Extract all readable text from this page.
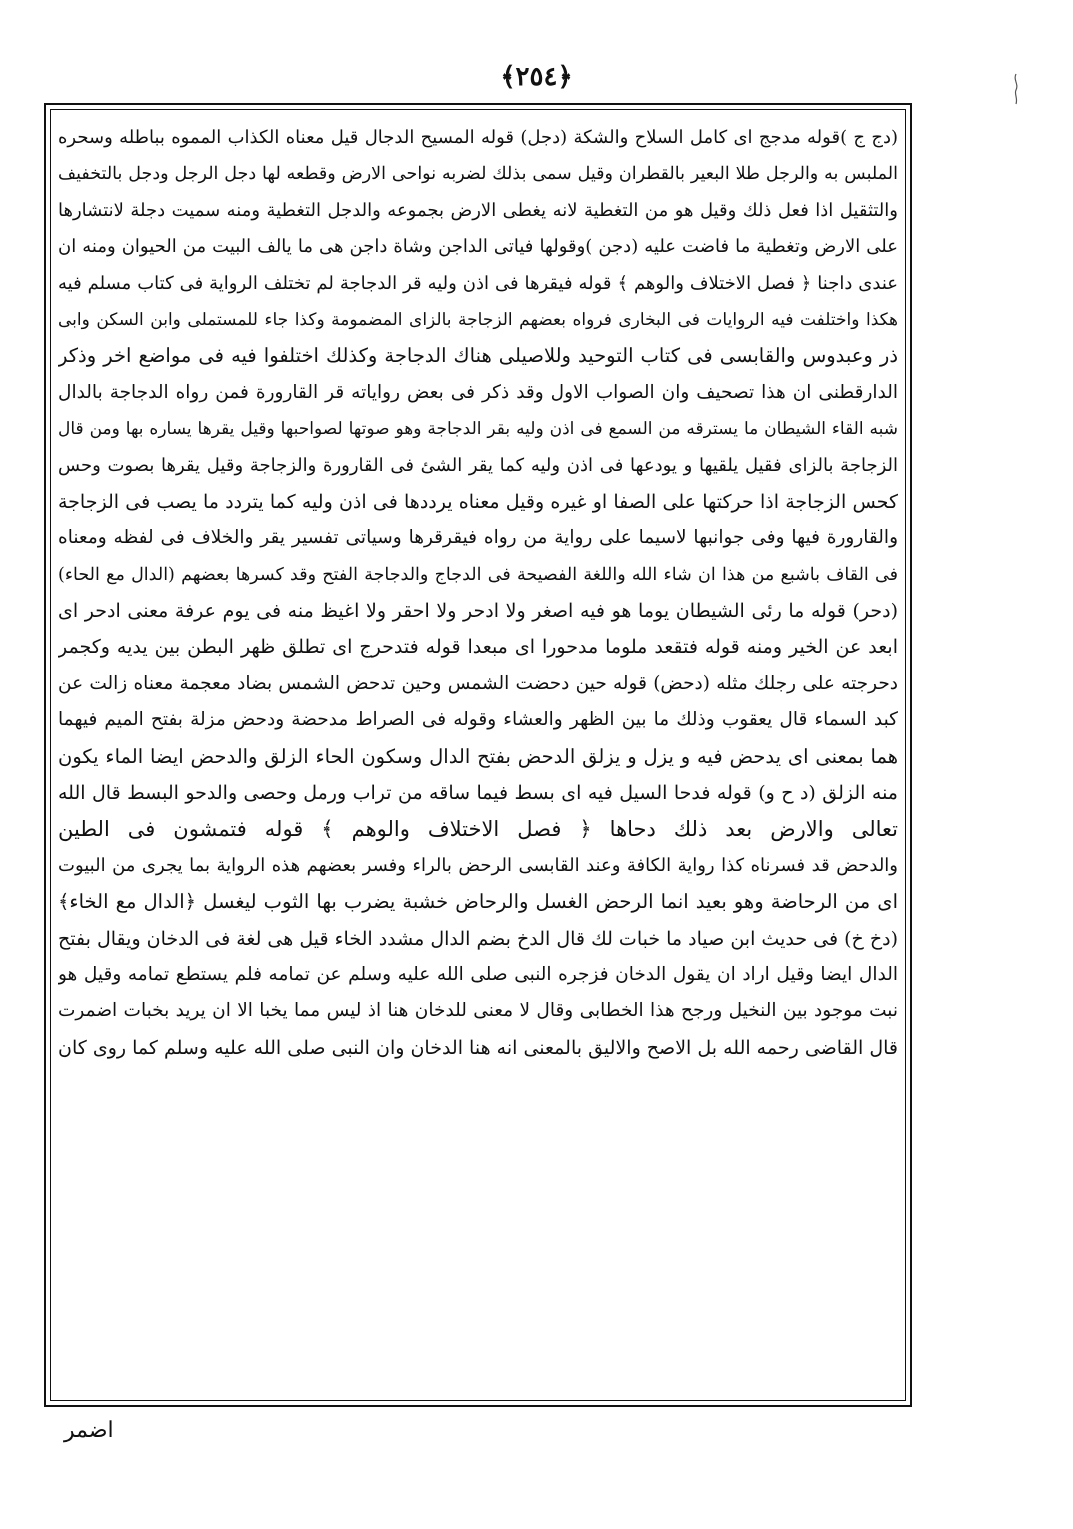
﴿٢٥٤﴾
(دج ج )قوله مدجج اى كامل السلاح والشكة (دجل) قوله المسيح الدجال قيل معناه الكذاب المموه بباطله وسحره
الملبس به والرجل طلا البعير بالقطران وقيل سمى بذلك لضربه نواحى الارض وقطعه لها دجل الرجل ودجل بالتخفيف
والتثقيل اذا فعل ذلك وقيل هو من التغطية لانه يغطى الارض بجموعه والدجل التغطية ومنه سميت دجلة لانتشارها
على الارض وتغطية ما فاضت عليه (دجن )وقولها فياتى الداجن وشاة داجن هى ما يالف البيت من الحيوان ومنه ان
عندى داجنا ﴿ فصل الاختلاف والوهم ﴾ قوله فيقرها فى اذن وليه قر الدجاجة لم تختلف الرواية فى كتاب مسلم فيه
هكذا واختلفت فيه الروايات فى البخارى فرواه بعضهم الزجاجة بالزاى المضمومة وكذا جاء للمستملى وابن السكن وابى
ذر وعبدوس والقابسى فى كتاب التوحيد وللاصيلى هناك الدجاجة وكذلك اختلفوا فيه فى مواضع اخر وذكر
الدارقطنى ان هذا تصحيف وان الصواب الاول وقد ذكر فى بعض رواياته قر القارورة فمن رواه الدجاجة بالدال
شبه القاء الشيطان ما يسترقه من السمع فى اذن وليه بقر الدجاجة وهو صوتها لصواحبها وقيل يقرها يساره بها ومن قال
الزجاجة بالزاى فقيل يلقيها و يودعها فى اذن وليه كما يقر الشئ فى القارورة والزجاجة وقيل يقرها بصوت وحس
كحس الزجاجة اذا حركتها على الصفا او غيره وقيل معناه يرددها فى اذن وليه كما يتردد ما يصب فى الزجاجة
والقارورة فيها وفى جوانبها لاسيما على رواية من رواه فيقرقرها وسياتى تفسير يقر والخلاف فى لفظه ومعناه
فى القاف باشبع من هذا ان شاء الله واللغة الفصيحة فى الدجاج والدجاجة الفتح وقد كسرها بعضهم (الدال مع الحاء)
(دحر) قوله ما رئى الشيطان يوما هو فيه اصغر ولا ادحر ولا احقر ولا اغيظ منه فى يوم عرفة معنى ادحر اى
ابعد عن الخير ومنه قوله فتقعد ملوما مدحورا اى مبعدا قوله فتدحرج اى تطلق ظهر البطن بين يديه وكجمر
دحرجته على رجلك مثله (دحض) قوله حين دحضت الشمس وحين تدحض الشمس بضاد معجمة معناه زالت عن
كبد السماء قال يعقوب وذلك ما بين الظهر والعشاء وقوله فى الصراط مدحضة ودحض مزلة بفتح الميم فيهما
هما بمعنى اى يدحض فيه و يزل و يزلق الدحض بفتح الدال وسكون الحاء الزلق والدحض ايضا الماء يكون
منه الزلق (د ح و) قوله فدحا السيل فيه اى بسط فيما ساقه من تراب ورمل وحصى والدحو البسط قال الله
تعالى والارض بعد ذلك دحاها ﴿ فصل الاختلاف والوهم ﴾ قوله فتمشون فى الطين
والدحض قد فسرناه كذا رواية الكافة وعند القابسى الرحض بالراء وفسر بعضهم هذه الرواية بما يجرى من البيوت
اى من الرحاضة وهو بعيد انما الرحض الغسل والرحاض خشبة يضرب بها الثوب ليغسل ﴿الدال مع الخاء﴾
(دخ خ) فى حديث ابن صياد ما خبات لك قال الدخ بضم الدال مشدد الخاء قيل هى لغة فى الدخان ويقال بفتح
الدال ايضا وقيل اراد ان يقول الدخان فزجره النبى صلى الله عليه وسلم عن تمامه فلم يستطع تمامه وقيل هو
نبت موجود بين النخيل ورجح هذا الخطابى وقال لا معنى للدخان هنا اذ ليس مما يخبا الا ان يريد بخبات اضمرت
قال القاضى رحمه الله بل الاصح والاليق بالمعنى انه هنا الدخان وان النبى صلى الله عليه وسلم كما روى كان
اضمر
